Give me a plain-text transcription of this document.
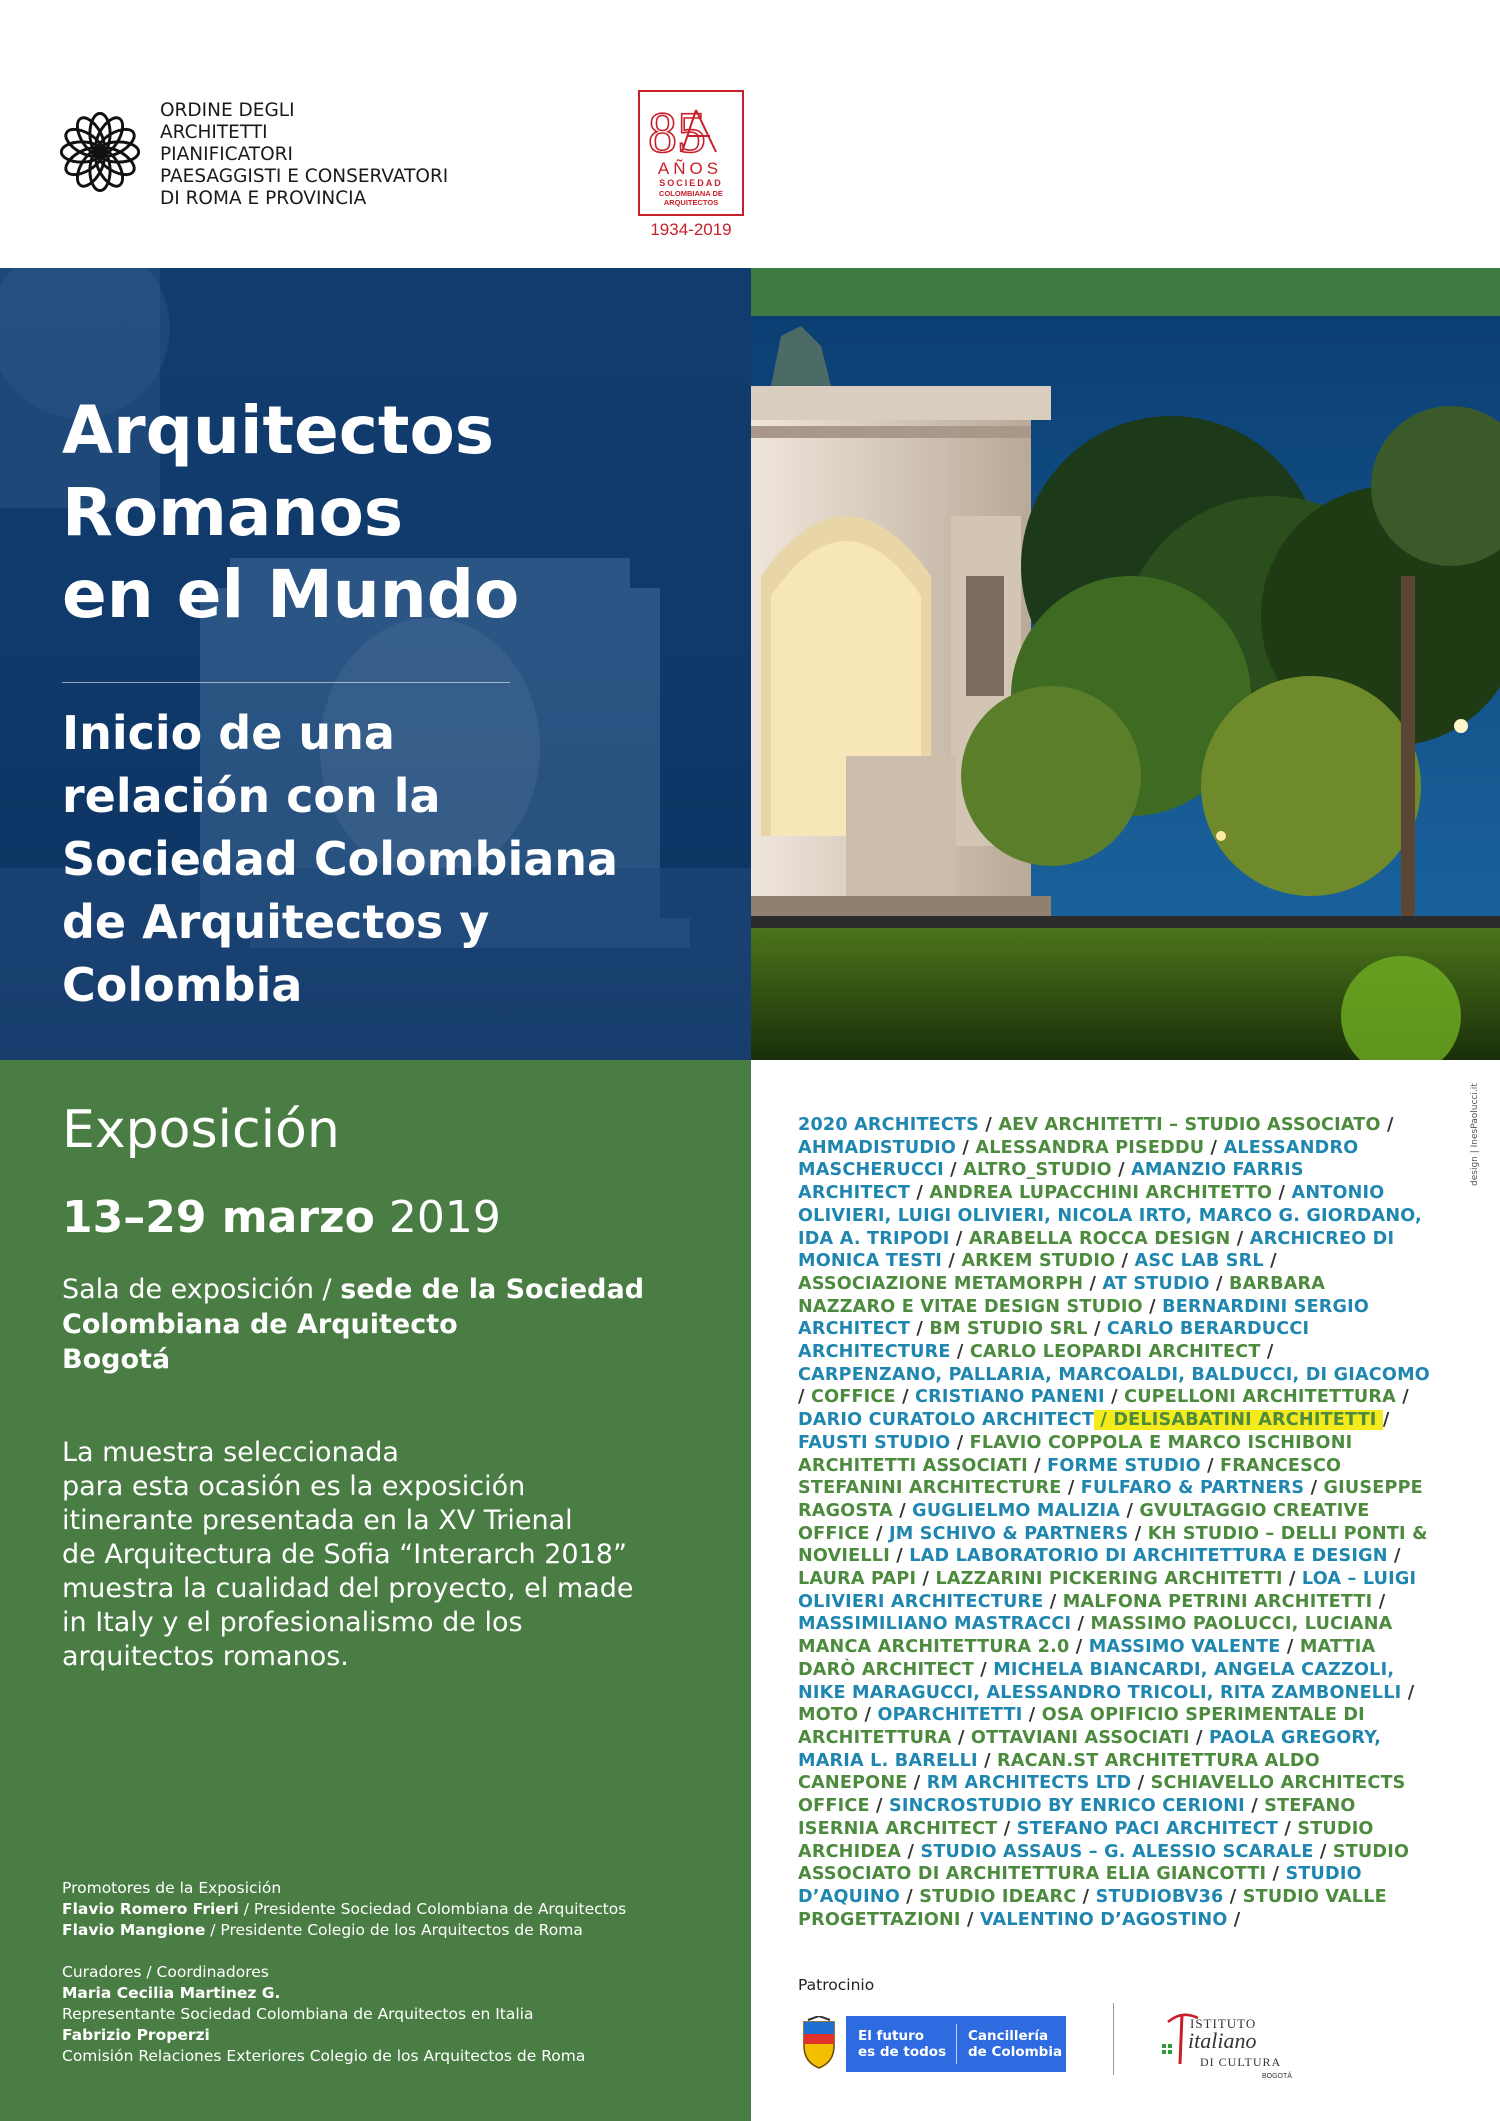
ORDINE DEGLI
ARCHITETTI
PIANIFICATORI
PAESAGGISTI E CONSERVATORI
DI ROMA E PROVINCIA
85
AÑOS
SOCIEDAD
COLOMBIANA DE
ARQUITECTOS
1934-2019
Arquitectos
Romanos
en el Mundo
Inicio de una
relación con la
Sociedad Colombiana
de Arquitectos y
Colombia
Exposición
13–29 marzo 2019
Sala de exposición / sede de la Sociedad
Colombiana de Arquitecto
Bogotá
La muestra seleccionada
para esta ocasión es la exposición
itinerante presentada en la XV Trienal
de Arquitectura de Sofia “Interarch 2018”
muestra la cualidad del proyecto, el made
in Italy y el profesionalismo de los
arquitectos romanos.
Promotores de la Exposición
Flavio Romero Frieri / Presidente Sociedad Colombiana de Arquitectos
Flavio Mangione / Presidente Colegio de los Arquitectos de Roma
Curadores / Coordinadores
Maria Cecilia Martinez G.
Representante Sociedad Colombiana de Arquitectos en Italia
Fabrizio Properzi
Comisión Relaciones Exteriores Colegio de los Arquitectos de Roma
2020 ARCHITECTS / AEV ARCHITETTI – STUDIO ASSOCIATO /
AHMADISTUDIO / ALESSANDRA PISEDDU / ALESSANDRO
MASCHERUCCI / ALTRO_STUDIO / AMANZIO FARRIS
ARCHITECT / ANDREA LUPACCHINI ARCHITETTO / ANTONIO
OLIVIERI, LUIGI OLIVIERI, NICOLA IRTO, MARCO G. GIORDANO,
IDA A. TRIPODI / ARABELLA ROCCA DESIGN / ARCHICREO DI
MONICA TESTI / ARKEM STUDIO / ASC LAB SRL /
ASSOCIAZIONE METAMORPH / AT STUDIO / BARBARA
NAZZARO E VITAE DESIGN STUDIO / BERNARDINI SERGIO
ARCHITECT / BM STUDIO SRL / CARLO BERARDUCCI
ARCHITECTURE / CARLO LEOPARDI ARCHITECT /
CARPENZANO, PALLARIA, MARCOALDI, BALDUCCI, DI GIACOMO
/ COFFICE / CRISTIANO PANENI / CUPELLONI ARCHITETTURA /
DARIO CURATOLO ARCHITECT / DELISABATINI ARCHITETTI /
FAUSTI STUDIO / FLAVIO COPPOLA E MARCO ISCHIBONI
ARCHITETTI ASSOCIATI / FORME STUDIO / FRANCESCO
STEFANINI ARCHITECTURE / FULFARO & PARTNERS / GIUSEPPE
RAGOSTA / GUGLIELMO MALIZIA / GVULTAGGIO CREATIVE
OFFICE / JM SCHIVO & PARTNERS / KH STUDIO – DELLI PONTI &
NOVIELLI / LAD LABORATORIO DI ARCHITETTURA E DESIGN /
LAURA PAPI / LAZZARINI PICKERING ARCHITETTI / LOA – LUIGI
OLIVIERI ARCHITECTURE / MALFONA PETRINI ARCHITETTI /
MASSIMILIANO MASTRACCI / MASSIMO PAOLUCCI, LUCIANA
MANCA ARCHITETTURA 2.0 / MASSIMO VALENTE / MATTIA
DARÒ ARCHITECT / MICHELA BIANCARDI, ANGELA CAZZOLI,
NIKE MARAGUCCI, ALESSANDRO TRICOLI, RITA ZAMBONELLI /
MOTO / OPARCHITETTI / OSA OPIFICIO SPERIMENTALE DI
ARCHITETTURA / OTTAVIANI ASSOCIATI / PAOLA GREGORY,
MARIA L. BARELLI / RACAN.ST ARCHITETTURA ALDO
CANEPONE / RM ARCHITECTS LTD / SCHIAVELLO ARCHITECTS
OFFICE / SINCROSTUDIO BY ENRICO CERIONI / STEFANO
ISERNIA ARCHITECT / STEFANO PACI ARCHITECT / STUDIO
ARCHIDEA / STUDIO ASSAUS – G. ALESSIO SCARALE / STUDIO
ASSOCIATO DI ARCHITETTURA ELIA GIANCOTTI / STUDIO
D’AQUINO / STUDIO IDEARC / STUDIOBV36 / STUDIO VALLE
PROGETTAZIONI / VALENTINO D’AGOSTINO /
design | InesPaolucci.it
Patrocinio
El futuro
es de todos
Cancillería
de Colombia
ISTITUTO
italiano
DI CULTURA
BOGOTÁ
